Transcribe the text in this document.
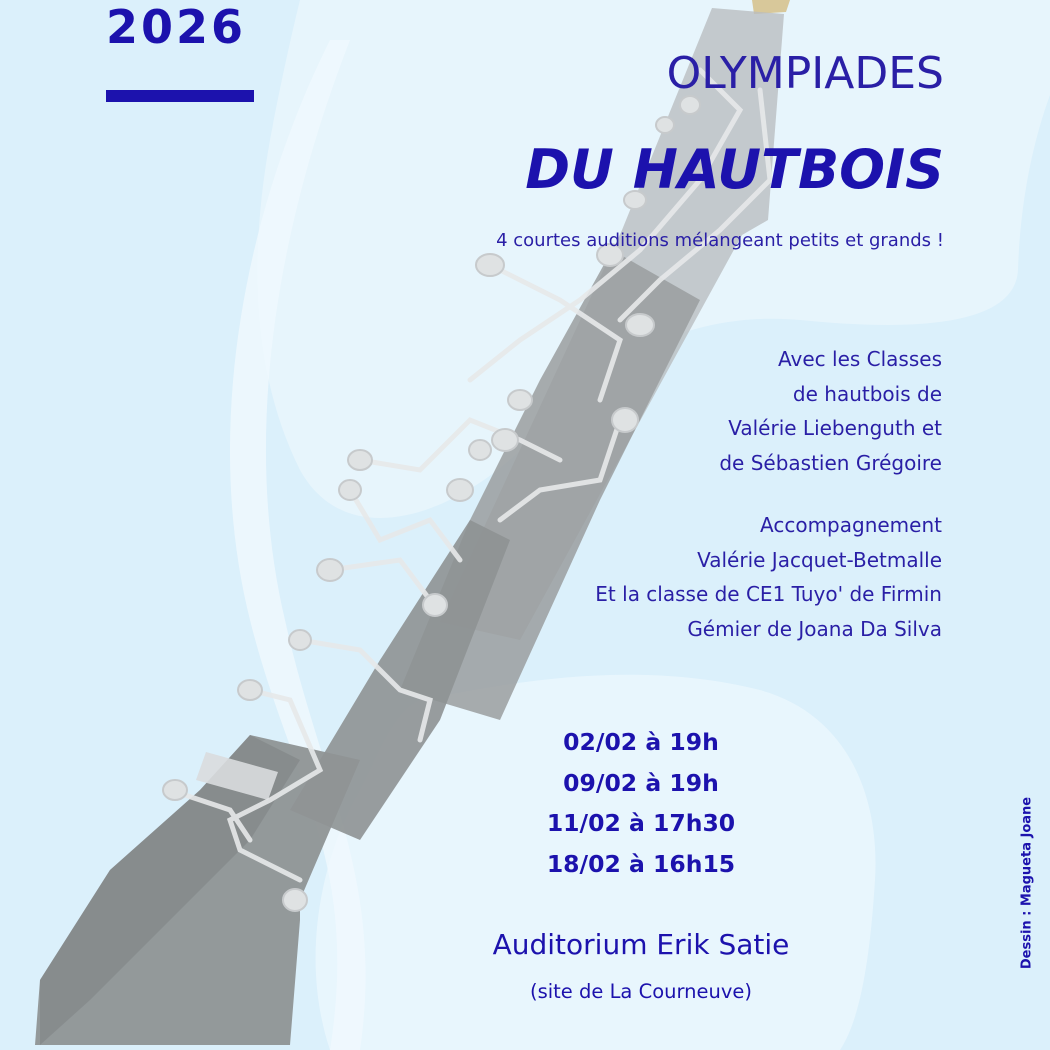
2026
OLYMPIADES
DU HAUTBOIS
4 courtes auditions mélangeant petits et grands !
Avec les Classes
de hautbois de
Valérie Liebenguth et
de Sébastien Grégoire
Accompagnement
Valérie Jacquet-Betmalle
Et la classe de CE1 Tuyo' de Firmin
Gémier de Joana Da Silva
02/02 à 19h
09/02 à 19h
11/02 à 17h30
18/02 à 16h15
Auditorium Erik Satie
(site de La Courneuve)
Dessin : Magueta Joane
